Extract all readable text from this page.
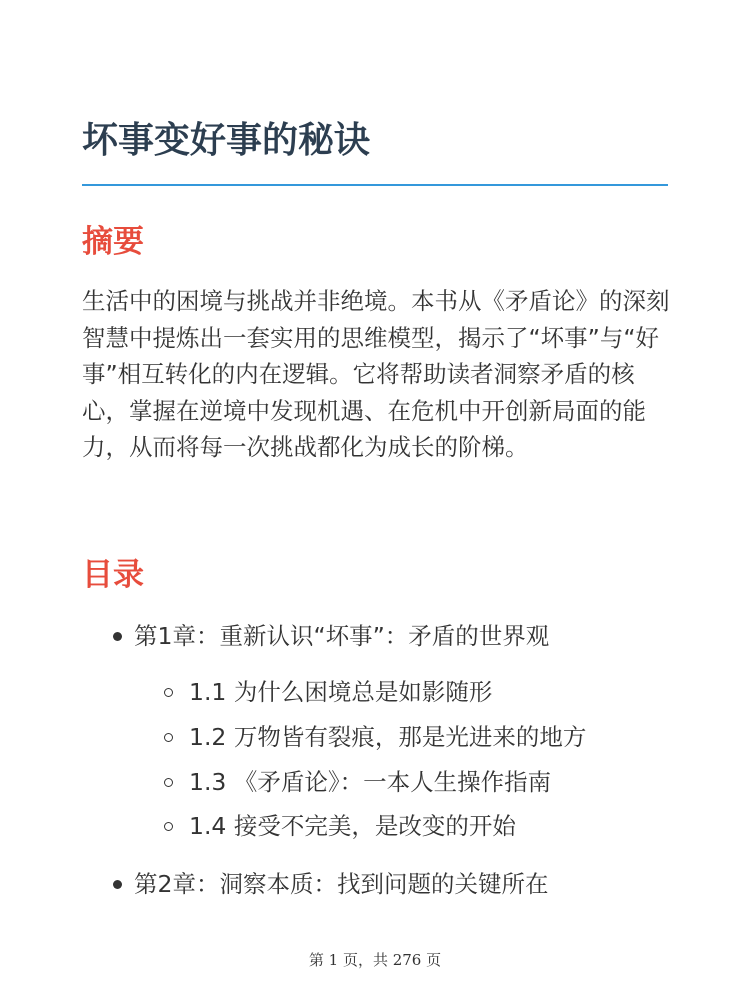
坏事变好事的秘诀
摘要

生活中的困境与挑战并非绝境。本书从《矛盾论》的深刻智慧中提炼出一套实用的思维模型，揭示了“坏事”与“好事”相互转化的内在逻辑。它将帮助读者洞察矛盾的核心，掌握在逆境中发现机遇、在危机中开创新局面的能力，从而将每一次挑战都化为成长的阶梯。

目录
第1章：重新认识“坏事”：矛盾的世界观
1.1 为什么困境总是如影随形
1.2 万物皆有裂痕，那是光进来的地方
1.3 《矛盾论》：一本人生操作指南
1.4 接受不完美，是改变的开始
第2章：洞察本质：找到问题的关键所在
第 1 页，共 276 页
